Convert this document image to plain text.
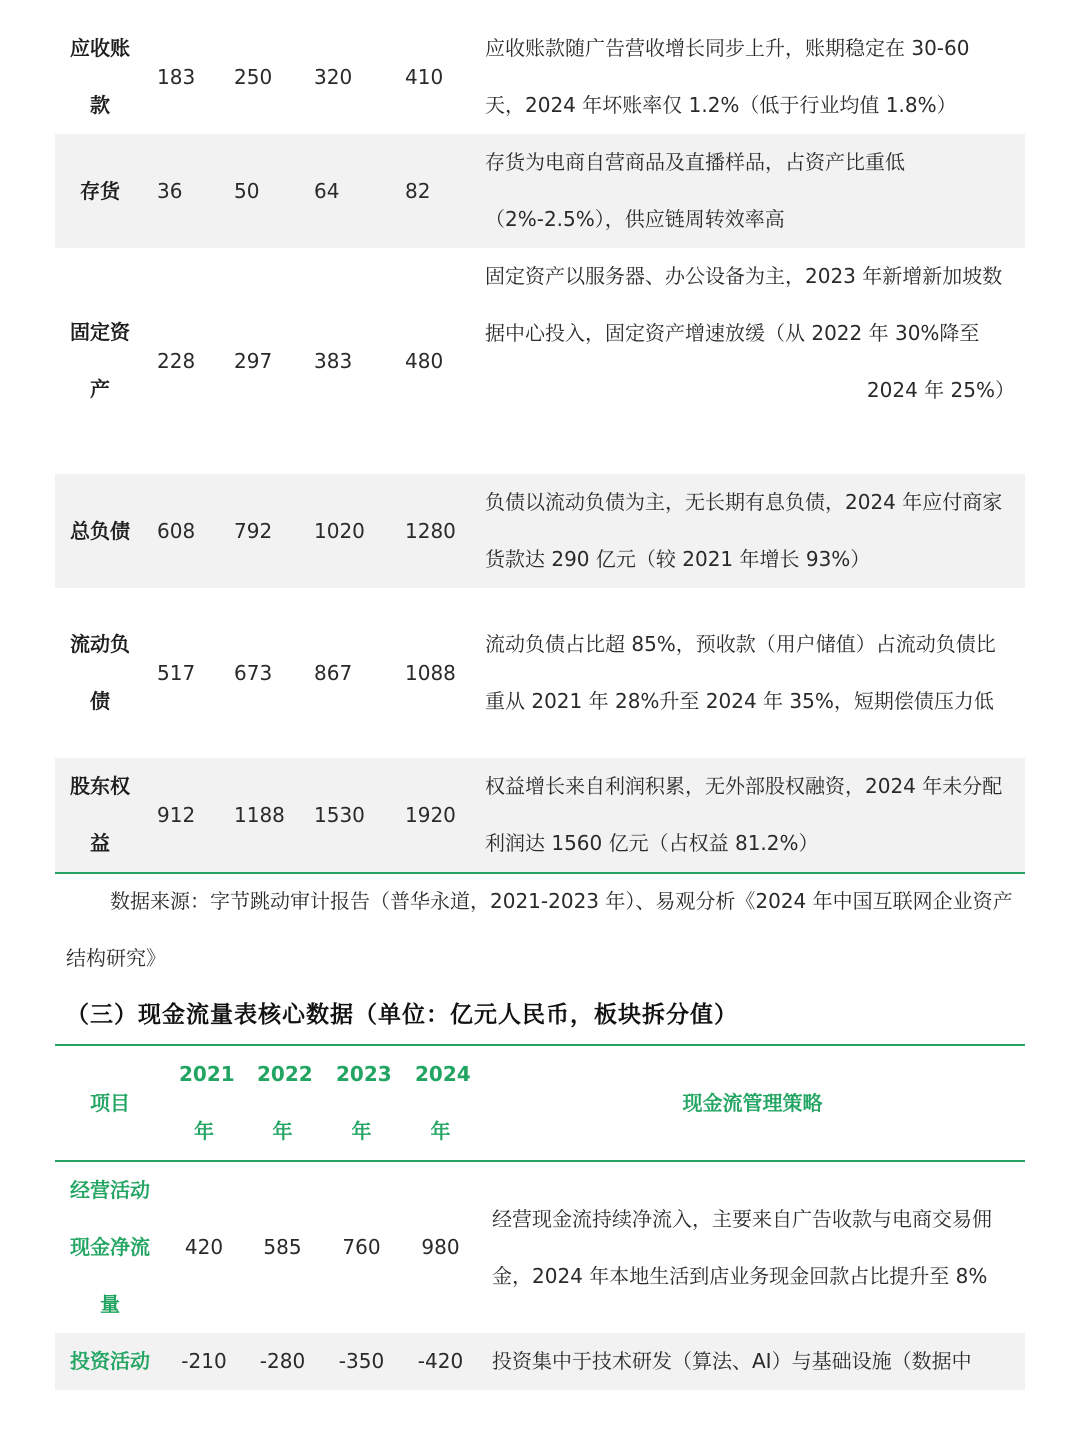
应收账款	183	250	320	410	应收账款随广告营收增长同步上升，账期稳定在 30-60 天，2024 年坏账率仅 1.2%（低于行业均值 1.8%）
存货	36	50	64	82	存货为电商自营商品及直播样品，占资产比重低（2%-2.5%），供应链周转效率高
固定资产	228	297	383	480	固定资产以服务器、办公设备为主，2023 年新增新加坡数据中心投入，固定资产增速放缓（从 2022 年 30%降至
2024 年 25%）

总负债	608	792	1020	1280	负债以流动负债为主，无长期有息负债，2024 年应付商家货款达 290 亿元（较 2021 年增长 93%）
流动负债	517	673	867	1088	流动负债占比超 85%，预收款（用户储值）占流动负债比重从 2021 年 28%升至 2024 年 35%，短期偿债压力低
股东权益	912	1188	1530	1920	权益增长来自利润积累，无外部股权融资，2024 年未分配利润达 1560 亿元（占权益 81.2%）
数据来源：字节跳动审计报告（普华永道，2021-2023 年）、易观分析《2024 年中国互联网企业资产结构研究》
（三）现金流量表核心数据（单位：亿元人民币，板块拆分值）
项目	2021 年	2022 年	2023 年	2024 年	现金流管理策略
经营活动现金净流量	420	585	760	980	经营现金流持续净流入，主要来自广告收款与电商交易佣金，2024 年本地生活到店业务现金回款占比提升至 8%
投资活动	-210	-280	-350	-420	投资集中于技术研发（算法、AI）与基础设施（数据中
